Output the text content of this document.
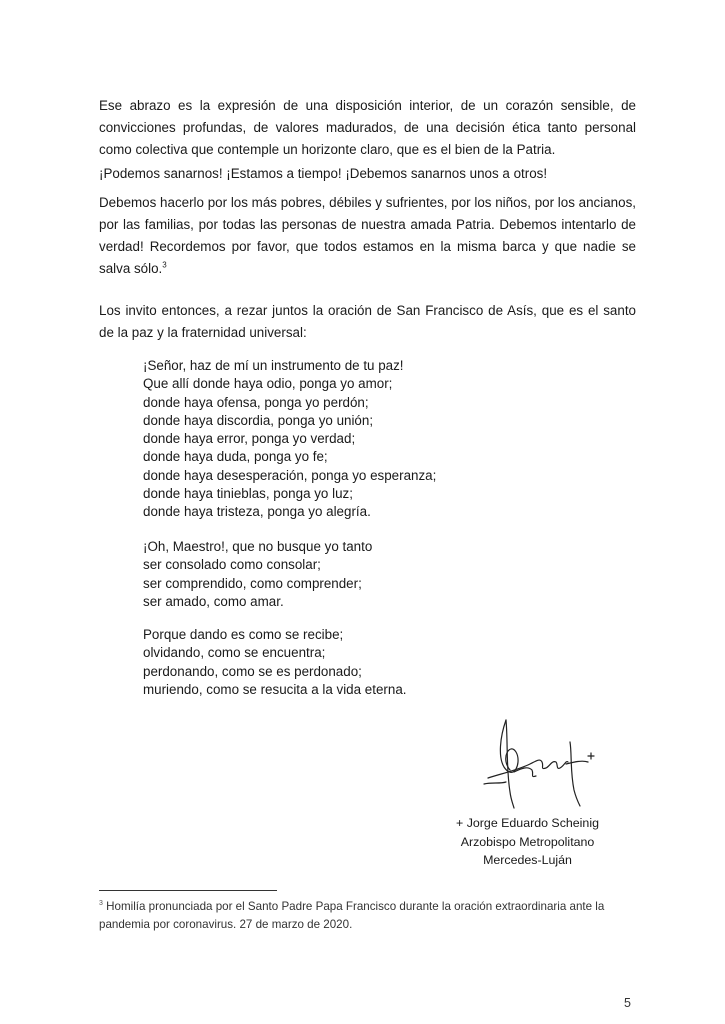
Ese abrazo es la expresión de una disposición interior, de un corazón sensible, de convicciones profundas, de valores madurados, de una decisión ética tanto personal como colectiva que contemple un horizonte claro, que es el bien de la Patria.

¡Podemos sanarnos! ¡Estamos a tiempo! ¡Debemos sanarnos unos a otros!

Debemos hacerlo por los más pobres, débiles y sufrientes, por los niños, por los ancianos, por las familias, por todas las personas de nuestra amada Patria. Debemos intentarlo de verdad! Recordemos por favor, que todos estamos en la misma barca y que nadie se salva sólo.$^3$

Los invito entonces, a rezar juntos la oración de San Francisco de Asís, que es el santo de la paz y la fraternidad universal:

¡Señor, haz de mí un instrumento de tu paz!
Que allí donde haya odio, ponga yo amor;
donde haya ofensa, ponga yo perdón;
donde haya discordia, ponga yo unión;
donde haya error, ponga yo verdad;
donde haya duda, ponga yo fe;
donde haya desesperación, ponga yo esperanza;
donde haya tinieblas, ponga yo luz;
donde haya tristeza, ponga yo alegría.
¡Oh, Maestro!, que no busque yo tanto
ser consolado como consolar;
ser comprendido, como comprender;
ser amado, como amar.
Porque dando es como se recibe;
olvidando, como se encuentra;
perdonando, como se es perdonado;
muriendo, como se resucita a la vida eterna.
+ Jorge Eduardo Scheinig
Arzobispo Metropolitano
Mercedes-Luján
$^3$ Homilía pronunciada por el Santo Padre Papa Francisco durante la oración extraordinaria ante la pandemia por coronavirus. 27 de marzo de 2020.
5
